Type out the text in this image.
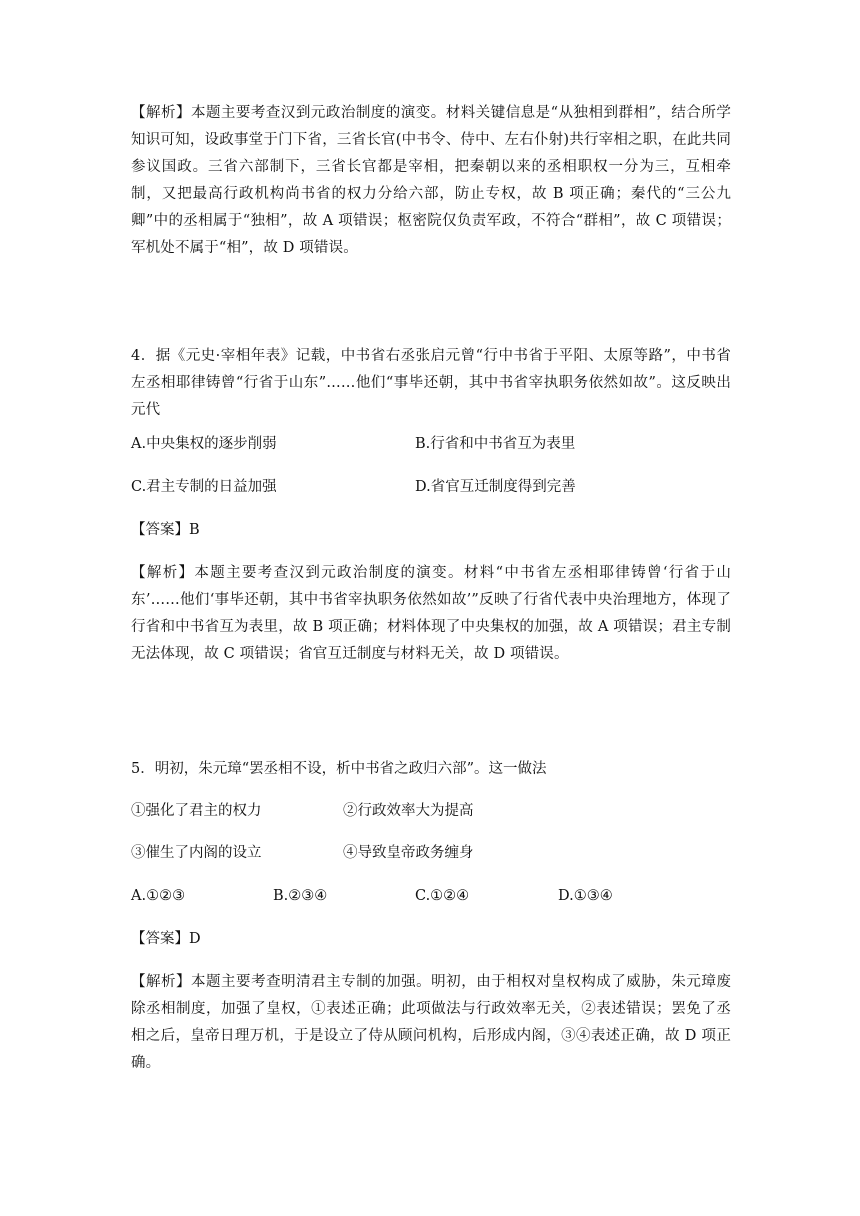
【解析】本题主要考查汉到元政治制度的演变。材料关键信息是“从独相到群相”，结合所学知识可知，设政事堂于门下省，三省长官(中书令、侍中、左右仆射)共行宰相之职，在此共同参议国政。三省六部制下，三省长官都是宰相，把秦朝以来的丞相职权一分为三，互相牵制，又把最高行政机构尚书省的权力分给六部，防止专权，故 B 项正确；秦代的“三公九卿”中的丞相属于“独相”，故 A 项错误；枢密院仅负责军政，不符合“群相”，故 C 项错误；军机处不属于“相”，故 D 项错误。

4．据《元史·宰相年表》记载，中书省右丞张启元曾“行中书省于平阳、太原等路”，中书省左丞相耶律铸曾“行省于山东”……他们“事毕还朝，其中书省宰执职务依然如故”。这反映出元代

A.中央集权的逐步削弱	B.行省和中书省互为表里
C.君主专制的日益加强	D.省官互迁制度得到完善
【答案】B

【解析】本题主要考查汉到元政治制度的演变。材料“中书省左丞相耶律铸曾‘行省于山东’……他们‘事毕还朝，其中书省宰执职务依然如故’”反映了行省代表中央治理地方，体现了行省和中书省互为表里，故 B 项正确；材料体现了中央集权的加强，故 A 项错误；君主专制无法体现，故 C 项错误；省官互迁制度与材料无关，故 D 项错误。

5．明初，朱元璋“罢丞相不设，析中书省之政归六部”。这一做法
①强化了君主的权力	②行政效率大为提高
③催生了内阁的设立	④导致皇帝政务缠身
A.①②③	B.②③④	C.①②④	D.①③④
【答案】D

【解析】本题主要考查明清君主专制的加强。明初，由于相权对皇权构成了威胁，朱元璋废除丞相制度，加强了皇权，①表述正确；此项做法与行政效率无关，②表述错误；罢免了丞相之后，皇帝日理万机，于是设立了侍从顾问机构，后形成内阁，③④表述正确，故 D 项正确。
